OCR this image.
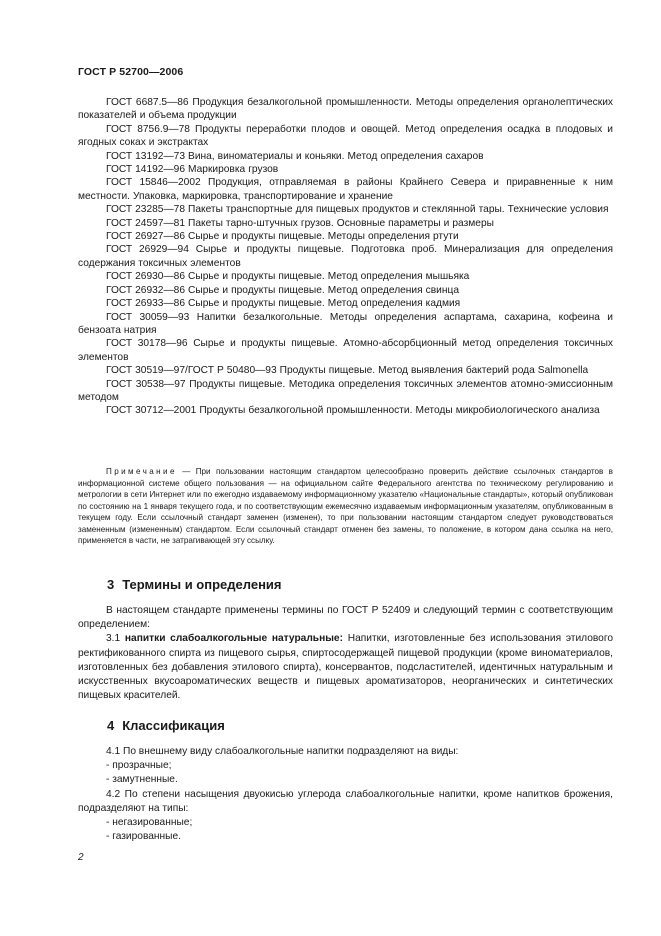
ГОСТ Р 52700—2006

ГОСТ 6687.5—86 Продукция безалкогольной промышленности. Методы определения органолептических показателей и объема продукции

ГОСТ 8756.9—78 Продукты переработки плодов и овощей. Метод определения осадка в плодовых и ягодных соках и экстрактах

ГОСТ 13192—73 Вина, виноматериалы и коньяки. Метод определения сахаров

ГОСТ 14192—96 Маркировка грузов

ГОСТ 15846—2002 Продукция, отправляемая в районы Крайнего Севера и приравненные к ним местности. Упаковка, маркировка, транспортирование и хранение

ГОСТ 23285—78 Пакеты транспортные для пищевых продуктов и стеклянной тары. Технические условия

ГОСТ 24597—81 Пакеты тарно-штучных грузов. Основные параметры и размеры

ГОСТ 26927—86 Сырье и продукты пищевые. Методы определения ртути

ГОСТ 26929—94 Сырье и продукты пищевые. Подготовка проб. Минерализация для определения содержания токсичных элементов

ГОСТ 26930—86 Сырье и продукты пищевые. Метод определения мышьяка

ГОСТ 26932—86 Сырье и продукты пищевые. Метод определения свинца

ГОСТ 26933—86 Сырье и продукты пищевые. Метод определения кадмия

ГОСТ 30059—93 Напитки безалкогольные. Методы определения аспартама, сахарина, кофеина и бензоата натрия

ГОСТ 30178—96 Сырье и продукты пищевые. Атомно-абсорбционный метод определения токсичных элементов

ГОСТ 30519—97/ГОСТ Р 50480—93 Продукты пищевые. Метод выявления бактерий рода Salmonella

ГОСТ 30538—97 Продукты пищевые. Методика определения токсичных элементов атомно-эмиссионным методом

ГОСТ 30712—2001 Продукты безалкогольной промышленности. Методы микробиологического анализа

Примечание — При пользовании настоящим стандартом целесообразно проверить действие ссылочных стандартов в информационной системе общего пользования — на официальном сайте Федерального агентства по техническому регулированию и метрологии в сети Интернет или по ежегодно издаваемому информационному указателю «Национальные стандарты», который опубликован по состоянию на 1 января текущего года, и по соответствующим ежемесячно издаваемым информационным указателям, опубликованным в текущем году. Если ссылочный стандарт заменен (изменен), то при пользовании настоящим стандартом следует руководствоваться замененным (измененным) стандартом. Если ссылочный стандарт отменен без замены, то положение, в котором дана ссылка на него, применяется в части, не затрагивающей эту ссылку.

3 Термины и определения

В настоящем стандарте применены термины по ГОСТ Р 52409 и следующий термин с соответствующим определением:

3.1 напитки слабоалкогольные натуральные: Напитки, изготовленные без использования этилового ректификованного спирта из пищевого сырья, спиртосодержащей пищевой продукции (кроме виноматериалов, изготовленных без добавления этилового спирта), консервантов, подсластителей, идентичных натуральным и искусственных вкусоароматических веществ и пищевых ароматизаторов, неорганических и синтетических пищевых красителей.

4 Классификация

4.1 По внешнему виду слабоалкогольные напитки подразделяют на виды:

- прозрачные;

- замутненные.

4.2 По степени насыщения двуокисью углерода слабоалкогольные напитки, кроме напитков брожения, подразделяют на типы:

- негазированные;

- газированные.

2
